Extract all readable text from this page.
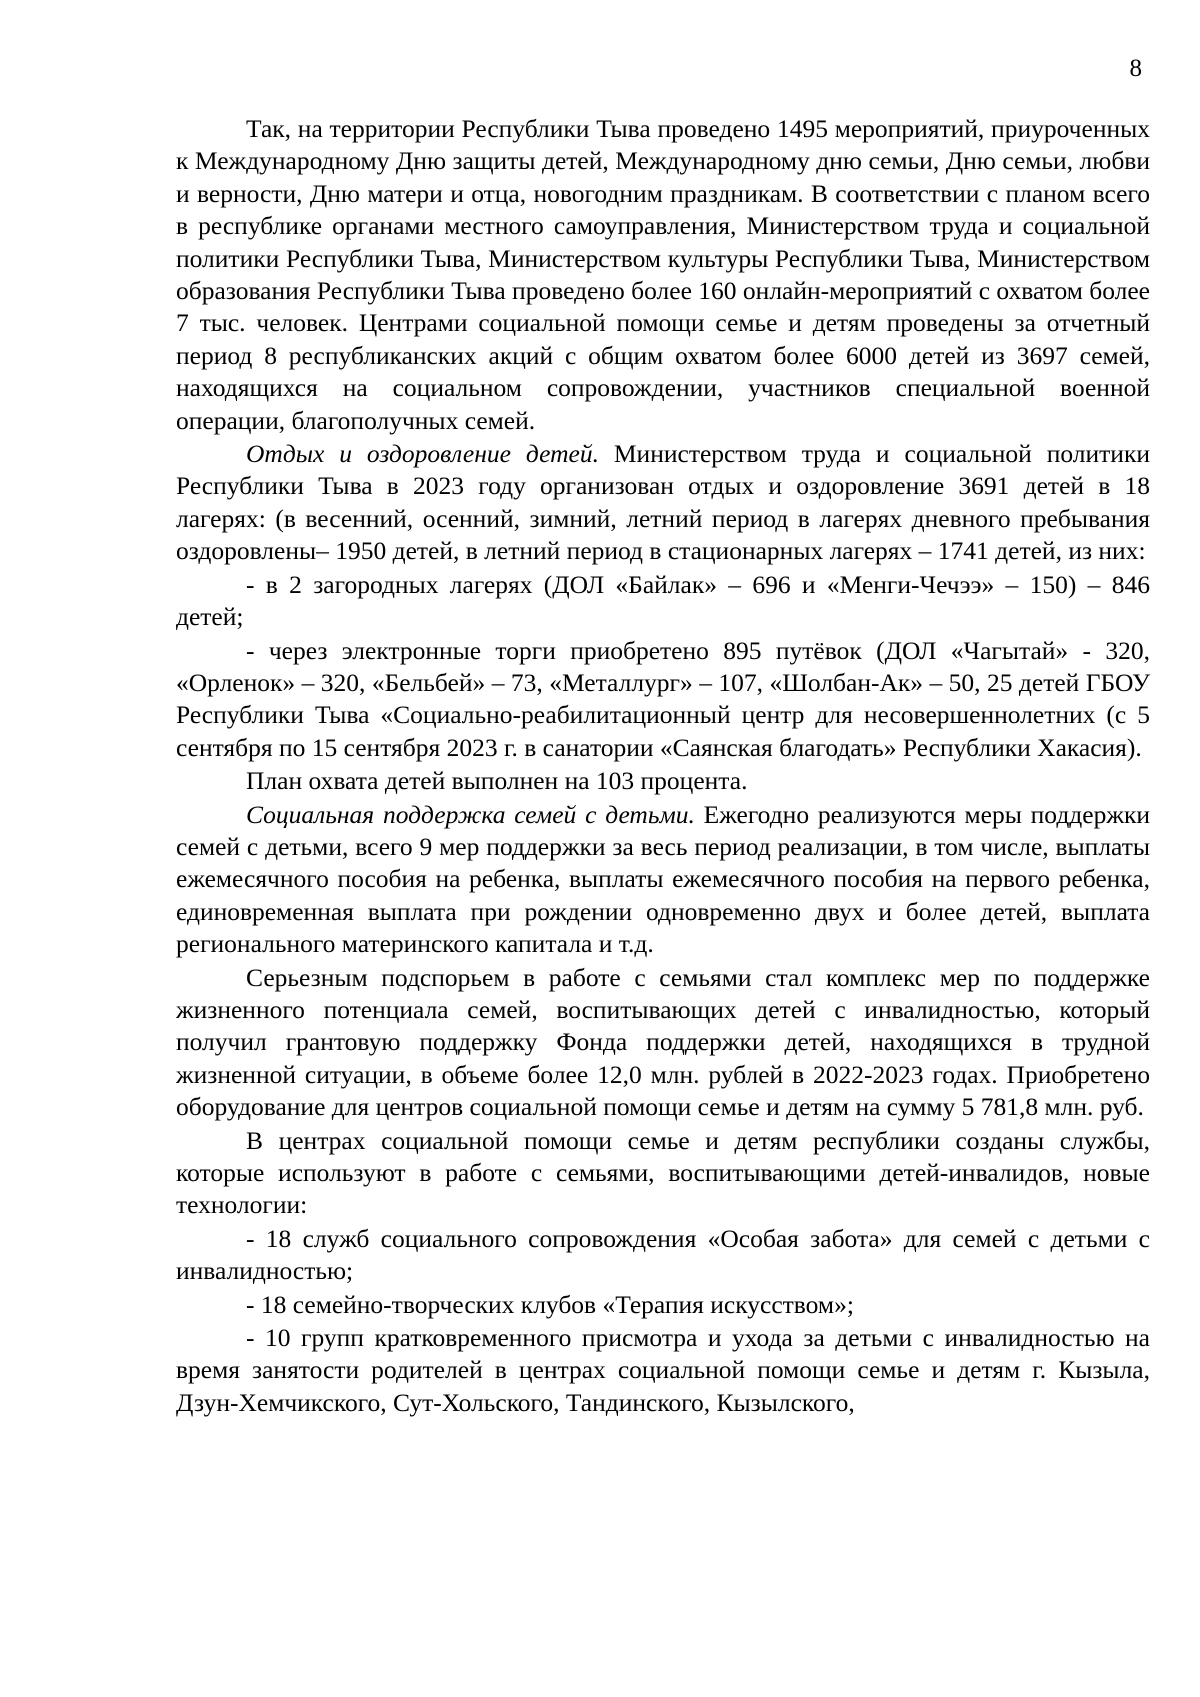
8

Так, на территории Республики Тыва проведено 1495 мероприятий, приуроченных к Международному Дню защиты детей, Международному дню семьи, Дню семьи, любви и верности, Дню матери и отца, новогодним праздникам. В соответствии с планом всего в республике органами местного самоуправления, Министерством труда и социальной политики Республики Тыва, Министерством культуры Республики Тыва, Министерством образования Республики Тыва проведено более 160 онлайн-мероприятий с охватом более 7 тыс. человек. Центрами социальной помощи семье и детям проведены за отчетный период 8 республиканских акций с общим охватом более 6000 детей из 3697 семей, находящихся на социальном сопровождении, участников специальной военной операции, благополучных семей.

Отдых и оздоровление детей. Министерством труда и социальной политики Республики Тыва в 2023 году организован отдых и оздоровление 3691 детей в 18 лагерях: (в весенний, осенний, зимний, летний период в лагерях дневного пребывания оздоровлены– 1950 детей, в летний период в стационарных лагерях – 1741 детей, из них:

- в 2 загородных лагерях (ДОЛ «Байлак» – 696 и «Менги-Чечээ» – 150) – 846 детей;

- через электронные торги приобретено 895 путёвок (ДОЛ «Чагытай» - 320, «Орленок» – 320, «Бельбей» – 73, «Металлург» – 107, «Шолбан-Ак» – 50, 25 детей ГБОУ Республики Тыва «Социально-реабилитационный центр для несовершеннолетних (с 5 сентября по 15 сентября 2023 г. в санатории «Саянская благодать» Республики Хакасия).

План охвата детей выполнен на 103 процента.

Социальная поддержка семей с детьми. Ежегодно реализуются меры поддержки семей с детьми, всего 9 мер поддержки за весь период реализации, в том числе, выплаты ежемесячного пособия на ребенка, выплаты ежемесячного пособия на первого ребенка, единовременная выплата при рождении одновременно двух и более детей, выплата регионального материнского капитала и т.д.

Серьезным подспорьем в работе с семьями стал комплекс мер по поддержке жизненного потенциала семей, воспитывающих детей с инвалидностью, который получил грантовую поддержку Фонда поддержки детей, находящихся в трудной жизненной ситуации, в объеме более 12,0 млн. рублей в 2022-2023 годах. Приобретено оборудование для центров социальной помощи семье и детям на сумму 5 781,8 млн. руб.

В центрах социальной помощи семье и детям республики созданы службы, которые используют в работе с семьями, воспитывающими детей-инвалидов, новые технологии:

- 18 служб социального сопровождения «Особая забота» для семей с детьми с инвалидностью;

- 18 семейно-творческих клубов «Терапия искусством»;

- 10 групп кратковременного присмотра и ухода за детьми с инвалидностью на время занятости родителей в центрах социальной помощи семье и детям г. Кызыла, Дзун-Хемчикского, Сут-Хольского, Тандинского, Кызылского,
